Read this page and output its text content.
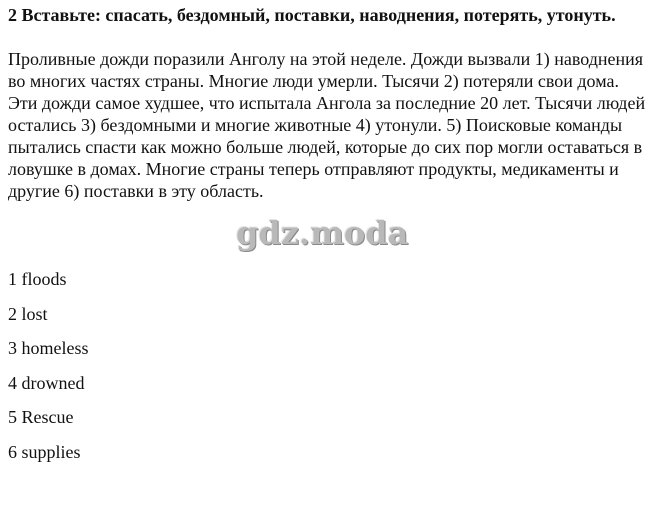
2 Вставьте: спасать, бездомный, поставки, наводнения, потерять, утонуть.

Проливные дожди поразили Анголу на этой неделе. Дожди вызвали 1) наводнения во многих частях страны. Многие люди умерли. Тысячи 2) потеряли свои дома. Эти дожди самое худшее, что испытала Ангола за последние 20 лет. Тысячи людей остались 3) бездомными и многие животные 4) утонули. 5) Поисковые команды пытались спасти как можно больше людей, которые до сих пор могли оставаться в ловушке в домах. Многие страны теперь отправляют продукты, медикаменты и другие 6) поставки в эту область.

gdz.moda
1 floods
2 lost
3 homeless
4 drowned
5 Rescue
6 supplies
